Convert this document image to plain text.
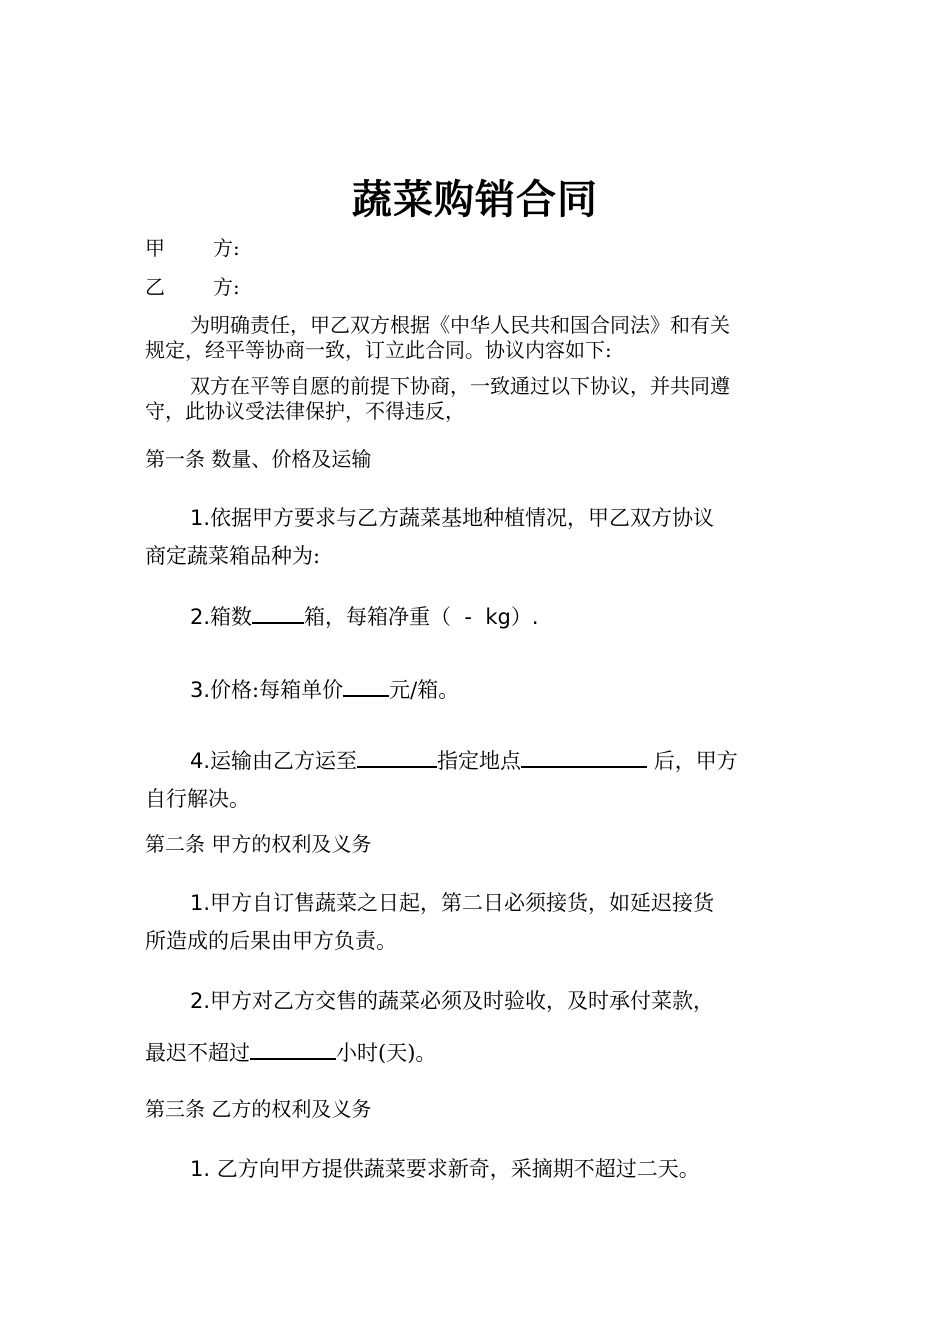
蔬菜购销合同
甲 方:
乙 方:
为明确责任，甲乙双方根据《中华人民共和国合同法》和有关
规定，经平等协商一致，订立此合同。协议内容如下:
双方在平等自愿的前提下协商，一致通过以下协议，并共同遵
守，此协议受法律保护，不得违反，
第一条 数量、价格及运输
1.依据甲方要求与乙方蔬菜基地种植情况，甲乙双方协议
商定蔬菜箱品种为:
2.箱数 箱，每箱净重（  -  kg）.
3.价格:每箱单价 元/箱。
4.运输由乙方运至	指定地点	后，甲方
自行解决。
第二条 甲方的权利及义务
1.甲方自订售蔬菜之日起，第二日必须接货，如延迟接货
所造成的后果由甲方负责。
2.甲方对乙方交售的蔬菜必须及时验收，及时承付菜款，
最迟不超过	小时(天)。
第三条 乙方的权利及义务
1. 乙方向甲方提供蔬菜要求新奇，采摘期不超过二天。
